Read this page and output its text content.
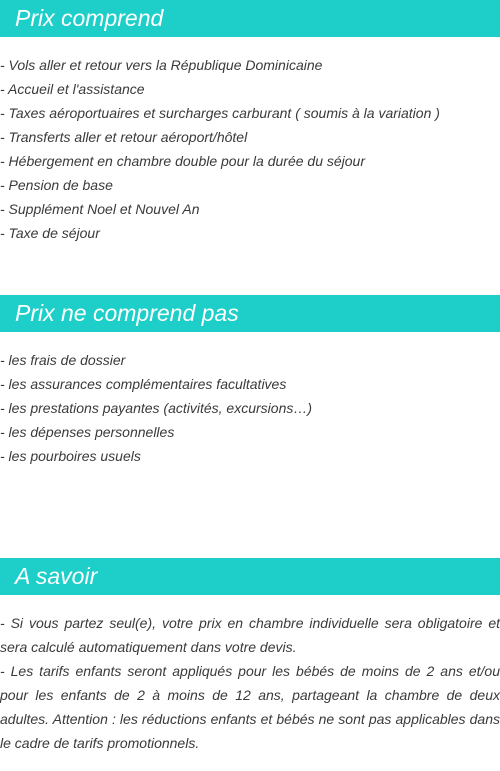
Prix comprend
- Vols aller et retour vers la République Dominicaine
- Accueil et l'assistance
- Taxes aéroportuaires et surcharges carburant ( soumis à la variation )
- Transferts aller et retour aéroport/hôtel
- Hébergement en chambre double pour la durée du séjour
- Pension de base
- Supplément Noel et Nouvel An
- Taxe de séjour
Prix ne comprend pas
- les frais de dossier
- les assurances complémentaires facultatives
- les prestations payantes (activités, excursions…)
- les dépenses personnelles
- les pourboires usuels
A savoir

- Si vous partez seul(e), votre prix en chambre individuelle sera obligatoire et sera calculé automatiquement dans votre devis.

- Les tarifs enfants seront appliqués pour les bébés de moins de 2 ans et/ou pour les enfants de 2 à moins de 12 ans, partageant la chambre de deux adultes. Attention : les réductions enfants et bébés ne sont pas applicables dans le cadre de tarifs promotionnels.
